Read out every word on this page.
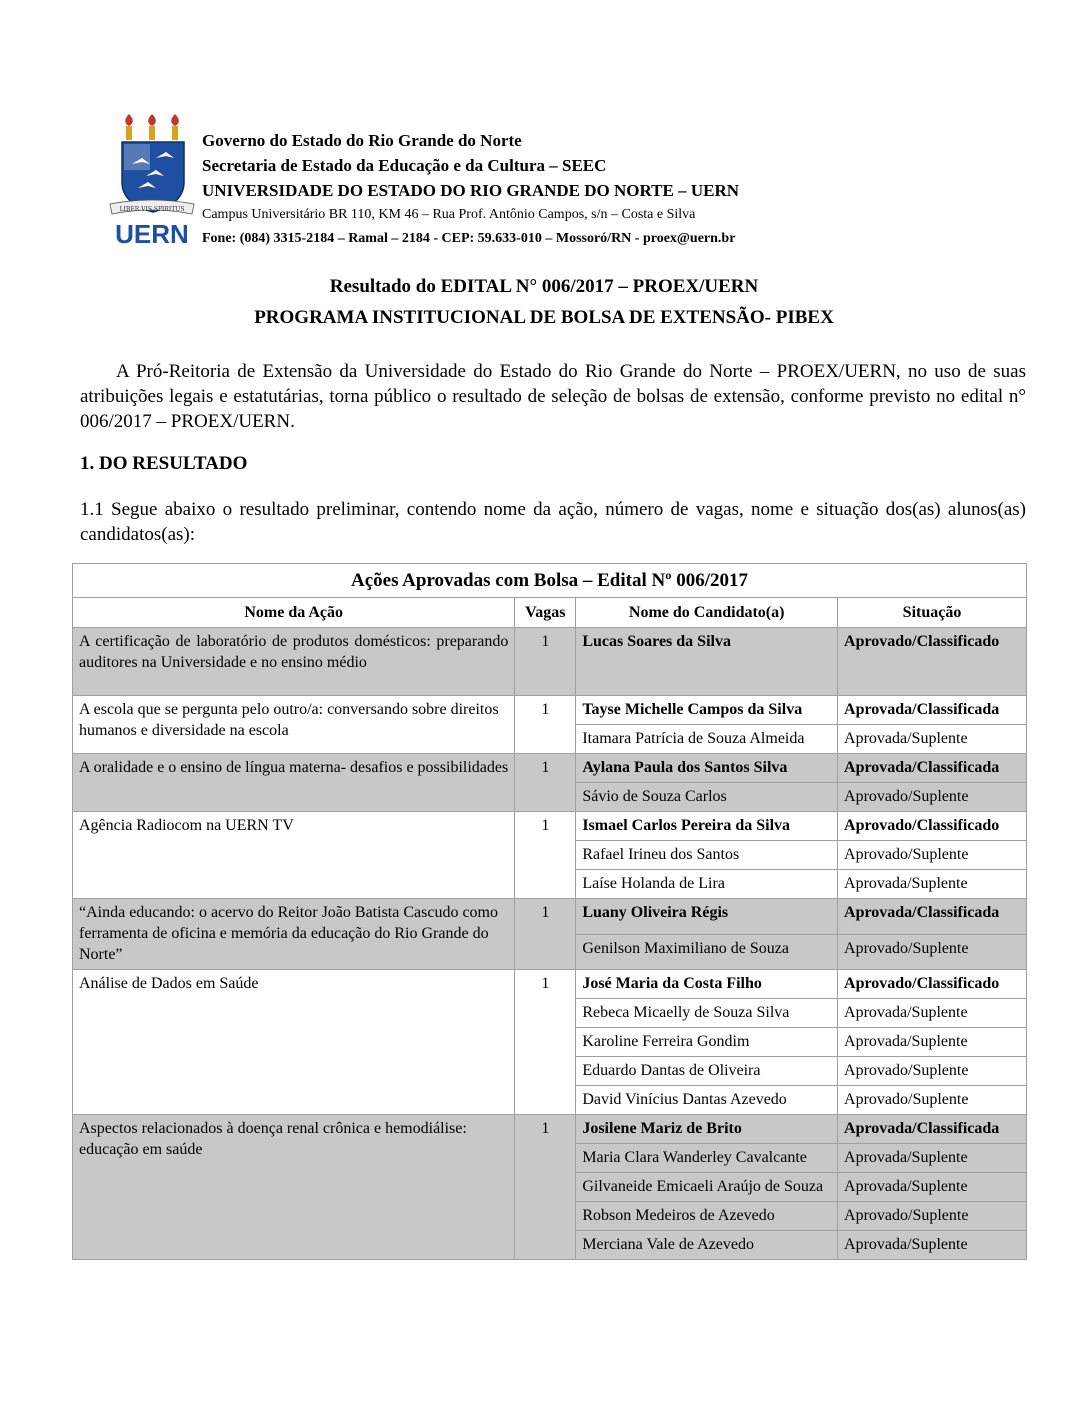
LIBER VIS SPIRITUS
UERN
Governo do Estado do Rio Grande do Norte
Secretaria de Estado da Educação e da Cultura – SEEC
UNIVERSIDADE DO ESTADO DO RIO GRANDE DO NORTE – UERN
Campus Universitário BR 110, KM 46 – Rua Prof. Antônio Campos, s/n – Costa e Silva
Fone: (084) 3315-2184 – Ramal – 2184 - CEP: 59.633-010 – Mossoró/RN - proex@uern.br
Resultado do EDITAL N° 006/2017 – PROEX/UERN
PROGRAMA INSTITUCIONAL DE BOLSA DE EXTENSÃO- PIBEX
A Pró-Reitoria de Extensão da Universidade do Estado do Rio Grande do Norte – PROEX/UERN, no uso de suas atribuições legais e estatutárias, torna público o resultado de seleção de bolsas de extensão, conforme previsto no edital n° 006/2017 – PROEX/UERN.
1. DO RESULTADO
1.1 Segue abaixo o resultado preliminar, contendo nome da ação, número de vagas, nome e situação dos(as) alunos(as) candidatos(as):
Ações Aprovadas com Bolsa – Edital Nº 006/2017			
Nome da Ação	Vagas	Nome do Candidato(a)	Situação
A certificação de laboratório de produtos domésticos: preparando auditores na Universidade e no ensino médio	1	Lucas Soares da Silva	Aprovado/Classificado
A escola que se pergunta pelo outro/a: conversando sobre direitos humanos e diversidade na escola	1	Tayse Michelle Campos da Silva	Aprovada/Classificada
		Itamara Patrícia de Souza Almeida	Aprovada/Suplente
A oralidade e o ensino de língua materna- desafios e possibilidades	1	Aylana Paula dos Santos Silva	Aprovada/Classificada
		Sávio de Souza Carlos	Aprovado/Suplente
Agência Radiocom na UERN TV	1	Ismael Carlos Pereira da Silva	Aprovado/Classificado
		Rafael Irineu dos Santos	Aprovado/Suplente
		Laíse Holanda de Lira	Aprovada/Suplente
“Ainda educando: o acervo do Reitor João Batista Cascudo como ferramenta de oficina e memória da educação do Rio Grande do Norte”	1	Luany Oliveira Régis	Aprovada/Classificada
		Genilson Maximiliano de Souza	Aprovado/Suplente
Análise de Dados em Saúde	1	José Maria da Costa Filho	Aprovado/Classificado
		Rebeca Micaelly de Souza Silva	Aprovada/Suplente
		Karoline Ferreira Gondim	Aprovada/Suplente
		Eduardo Dantas de Oliveira	Aprovado/Suplente
		David Vinícius Dantas Azevedo	Aprovado/Suplente
Aspectos relacionados à doença renal crônica e hemodiálise: educação em saúde	1	Josilene Mariz de Brito	Aprovada/Classificada
		Maria Clara Wanderley Cavalcante	Aprovada/Suplente
		Gilvaneide Emicaeli Araújo de Souza	Aprovada/Suplente
		Robson Medeiros de Azevedo	Aprovado/Suplente
		Merciana Vale de Azevedo	Aprovada/Suplente
